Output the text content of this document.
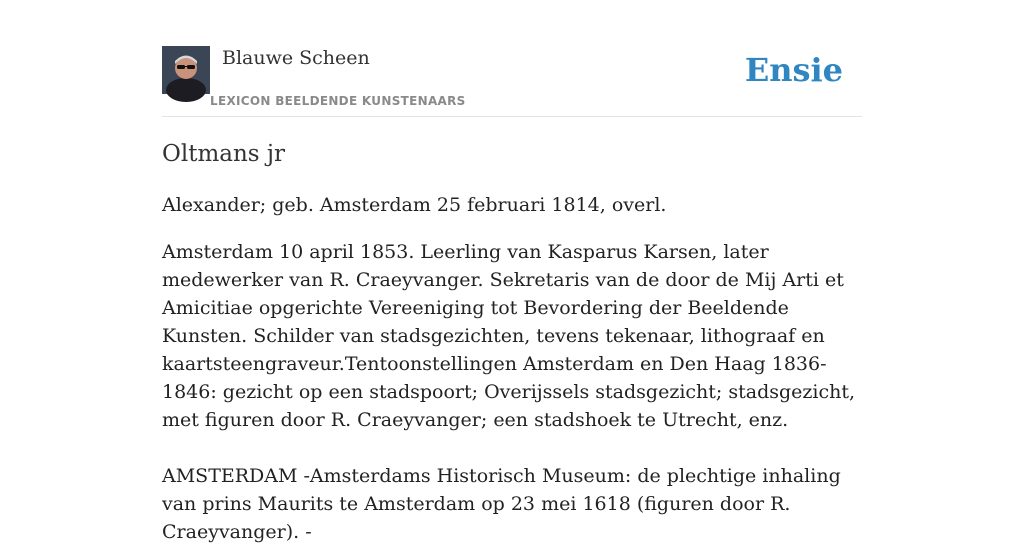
Blauwe Scheen
LEXICON BEELDENDE KUNSTENAARS
Ensie
Oltmans jr

Alexander; geb. Amsterdam 25 februari 1814, overl.

Amsterdam 10 april 1853. Leerling van Kasparus Karsen, later medewerker van R. Craeyvanger. Sekretaris van de door de Mij Arti et Amicitiae opgerichte Vereeniging tot Bevordering der Beeldende Kunsten. Schilder van stadsgezichten, tevens tekenaar, lithograaf en kaartsteengraveur.Tentoonstellingen Amsterdam en Den Haag 1836-1846: gezicht op een stadspoort; Overijssels stadsgezicht; stadsgezicht, met figuren door R. Craeyvanger; een stadshoek te Utrecht, enz.

AMSTERDAM -Amsterdams Historisch Museum: de plechtige inhaling van prins Maurits te Amsterdam op 23 mei 1618 (figuren door R. Craeyvanger). -
